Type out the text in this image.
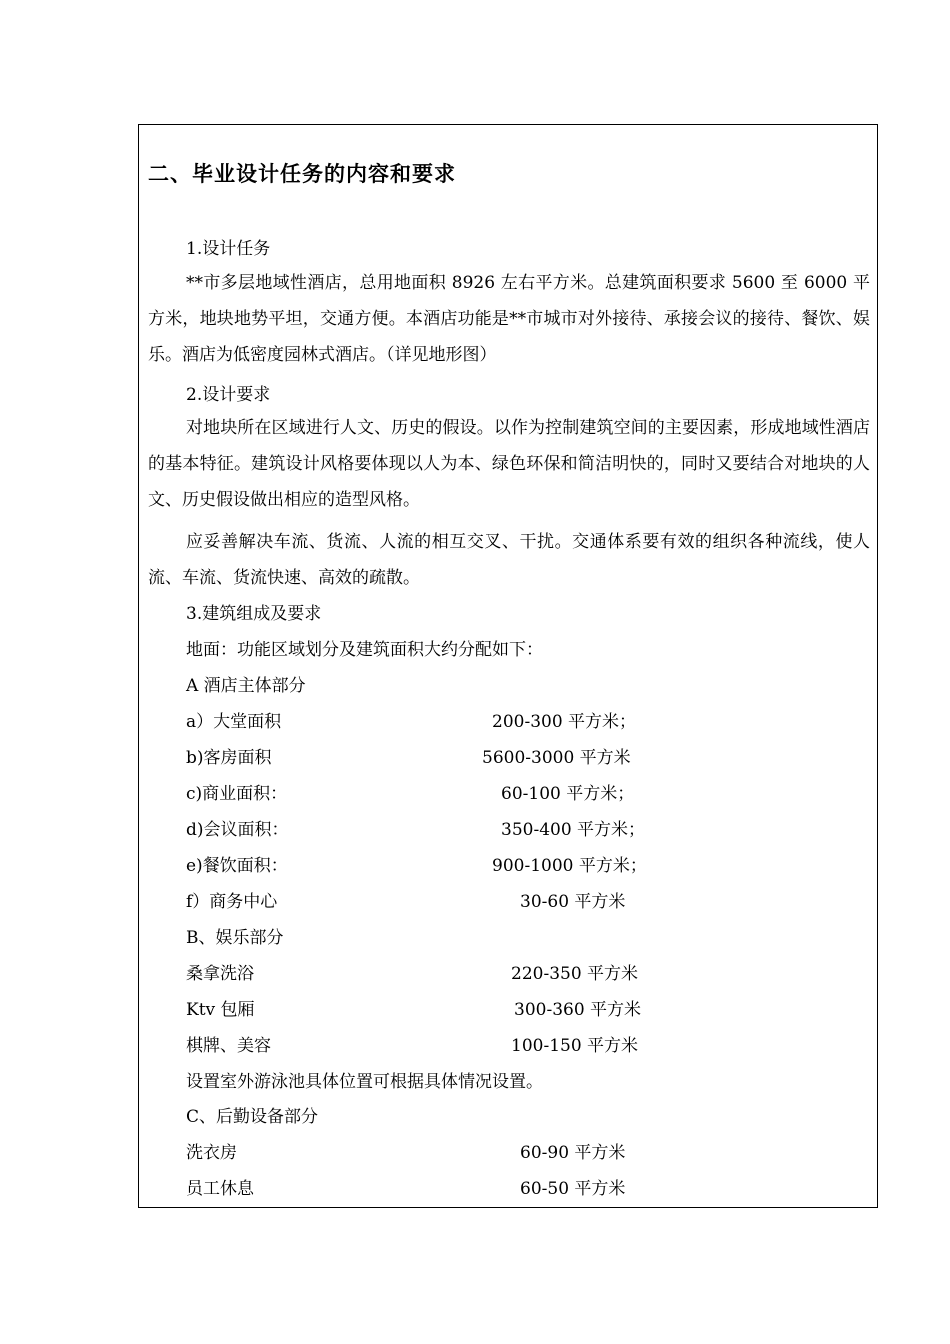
二、毕业设计任务的内容和要求
1.设计任务
**市多层地域性酒店，总用地面积 8926 左右平方米。总建筑面积要求 5600 至 6000 平方米，地块地势平坦，交通方便。本酒店功能是**市城市对外接待、承接会议的接待、餐饮、娱乐。酒店为低密度园林式酒店。（详见地形图）
2.设计要求
对地块所在区域进行人文、历史的假设。以作为控制建筑空间的主要因素，形成地域性酒店的基本特征。建筑设计风格要体现以人为本、绿色环保和简洁明快的，同时又要结合对地块的人文、历史假设做出相应的造型风格。
应妥善解决车流、货流、人流的相互交叉、干扰。交通体系要有效的组织各种流线，使人流、车流、货流快速、高效的疏散。
3.建筑组成及要求
地面：功能区域划分及建筑面积大约分配如下：
A 酒店主体部分
a）大堂面积	200-300 平方米；
b)客房面积	5600-3000 平方米
c)商业面积：	60-100 平方米；
d)会议面积：	350-400 平方米；
e)餐饮面积：	900-1000 平方米；
f）商务中心	30-60 平方米
B、娱乐部分
桑拿洗浴	220-350 平方米
Ktv 包厢	300-360 平方米
棋牌、美容	100-150 平方米
设置室外游泳池具体位置可根据具体情况设置。
C、后勤设备部分
洗衣房	60-90 平方米
员工休息	60-50 平方米
